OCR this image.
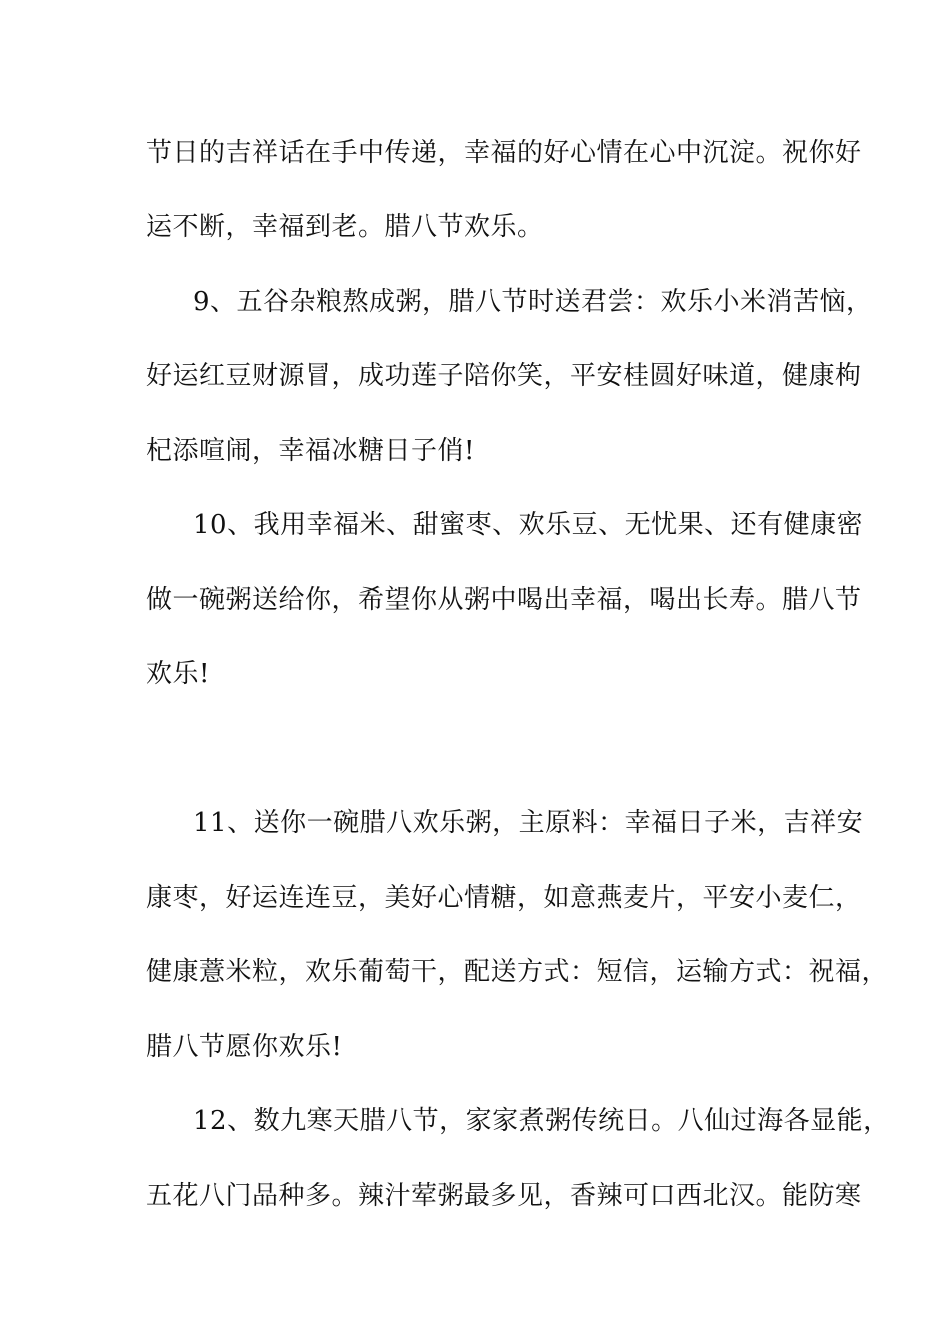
节日的吉祥话在手中传递，幸福的好心情在心中沉淀。祝你好
运不断，幸福到老。腊八节欢乐。
9、五谷杂粮熬成粥，腊八节时送君尝：欢乐小米消苦恼，
好运红豆财源冒，成功莲子陪你笑，平安桂圆好味道，健康枸
杞添喧闹，幸福冰糖日子俏!
10、我用幸福米、甜蜜枣、欢乐豆、无忧果、还有健康密
做一碗粥送给你，希望你从粥中喝出幸福，喝出长寿。腊八节
欢乐!
11、送你一碗腊八欢乐粥，主原料：幸福日子米，吉祥安
康枣，好运连连豆，美好心情糖，如意燕麦片，平安小麦仁，
健康薏米粒，欢乐葡萄干，配送方式：短信，运输方式：祝福，
腊八节愿你欢乐!
12、数九寒天腊八节，家家煮粥传统日。八仙过海各显能，
五花八门品种多。辣汁荤粥最多见，香辣可口西北汉。能防寒
